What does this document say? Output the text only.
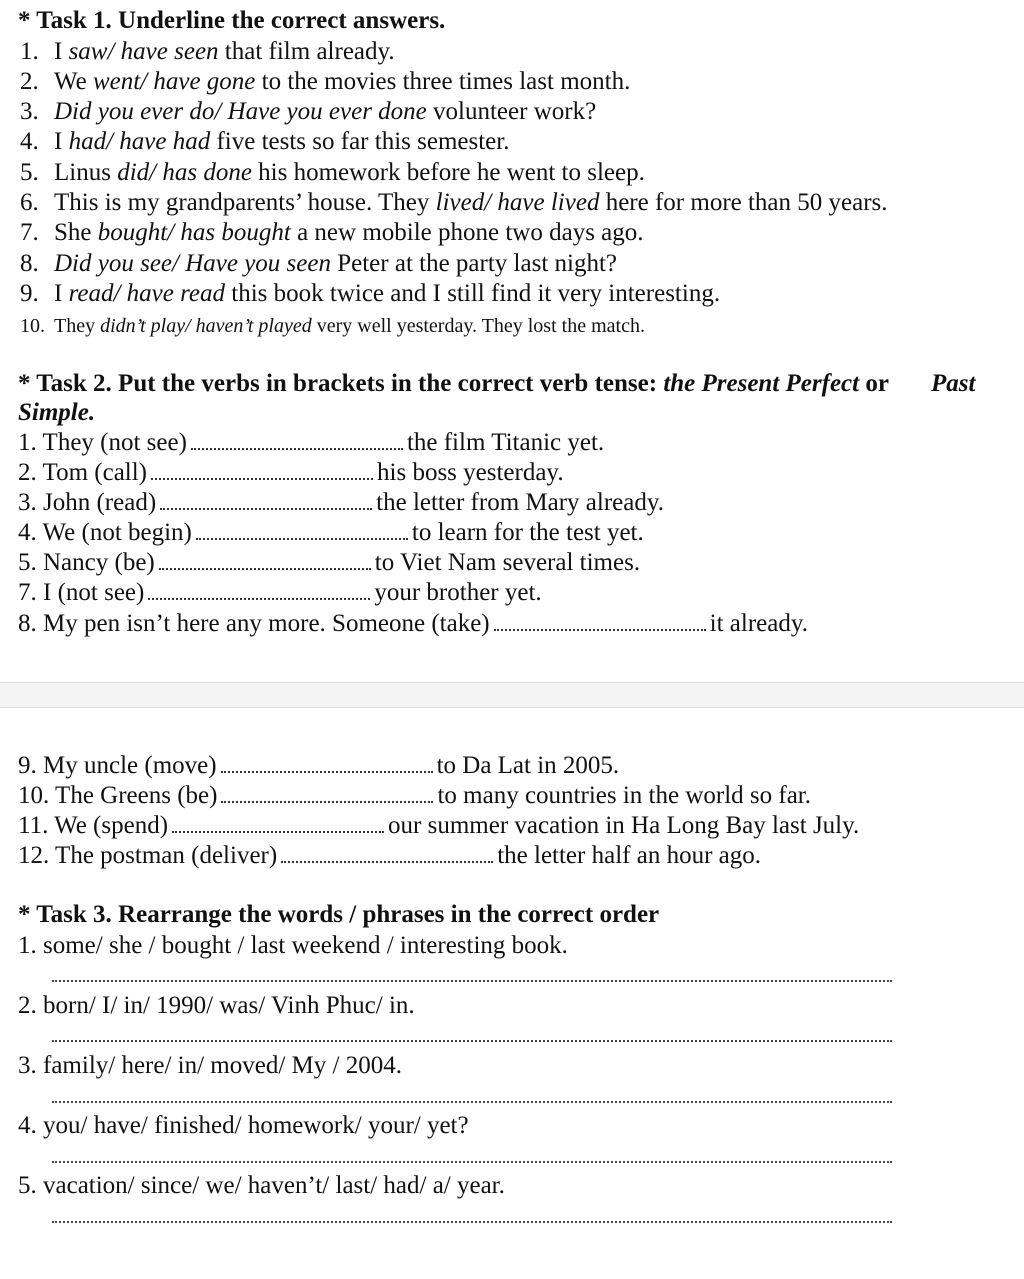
* Task 1. Underline the correct answers.
1. I saw/ have seen that film already.
2. We went/ have gone to the movies three times last month.
3. Did you ever do/ Have you ever done volunteer work?
4. I had/ have had five tests so far this semester.
5. Linus did/ has done his homework before he went to sleep.
6. This is my grandparents’ house. They lived/ have lived here for more than 50 years.
7. She bought/ has bought a new mobile phone two days ago.
8. Did you see/ Have you seen Peter at the party last night?
9. I read/ have read this book twice and I still find it very interesting.
10. They didn’t play/ haven’t played very well yesterday. They lost the match.
* Task 2. Put the verbs in brackets in the correct verb tense: the Present Perfect or Past
Simple.
1. They (not see)	the film Titanic yet.
2. Tom (call)	his boss yesterday.
3. John (read)	the letter from Mary already.
4. We (not begin)	to learn for the test yet.
5. Nancy (be)	to Viet Nam several times.
7. I (not see)	your brother yet.
8. My pen isn’t here any more. Someone (take)	it already.
9. My uncle (move)	to Da Lat in 2005.
10. The Greens (be)	to many countries in the world so far.
11. We (spend)	our summer vacation in Ha Long Bay last July.
12. The postman (deliver)	the letter half an hour ago.
* Task 3. Rearrange the words / phrases in the correct order
1. some/ she / bought / last weekend / interesting book.
2. born/ I/ in/ 1990/ was/ Vinh Phuc/ in.
3. family/ here/ in/ moved/ My / 2004.
4. you/ have/ finished/ homework/ your/ yet?
5. vacation/ since/ we/ haven’t/ last/ had/ a/ year.
